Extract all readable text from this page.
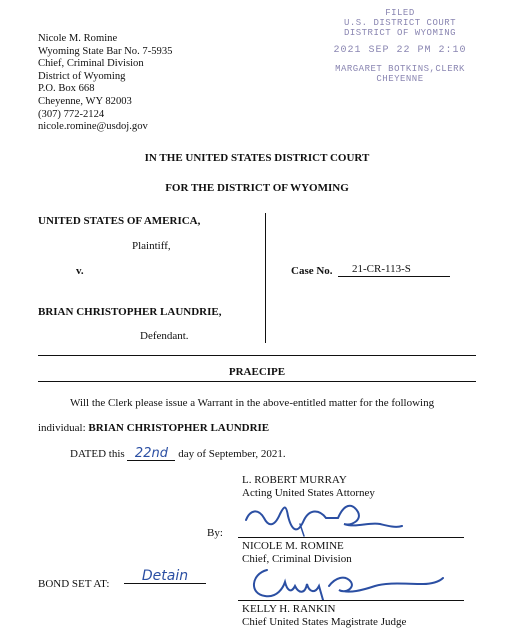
Nicole M. Romine
Wyoming State Bar No. 7-5935
Chief, Criminal Division
District of Wyoming
P.O. Box 668
Cheyenne, WY 82003
(307) 772-2124
nicole.romine@usdoj.gov
FILED
U.S. DISTRICT COURT
DISTRICT OF WYOMING
2021 SEP 22 PM 2:10
MARGARET BOTKINS,CLERK
CHEYENNE
IN THE UNITED STATES DISTRICT COURT
FOR THE DISTRICT OF WYOMING
UNITED STATES OF AMERICA,
Plaintiff,
v.
BRIAN CHRISTOPHER LAUNDRIE,
Defendant.
Case No. 21-CR-113-S
PRAECIPE
Will the Clerk please issue a Warrant in the above-entitled matter for the following
individual: BRIAN CHRISTOPHER LAUNDRIE
DATED this 22nd day of September, 2021.
L. ROBERT MURRAY
Acting United States Attorney
By:
NICOLE M. ROMINE
Chief, Criminal Division
BOND SET AT:	Detain
KELLY H. RANKIN
Chief United States Magistrate Judge
